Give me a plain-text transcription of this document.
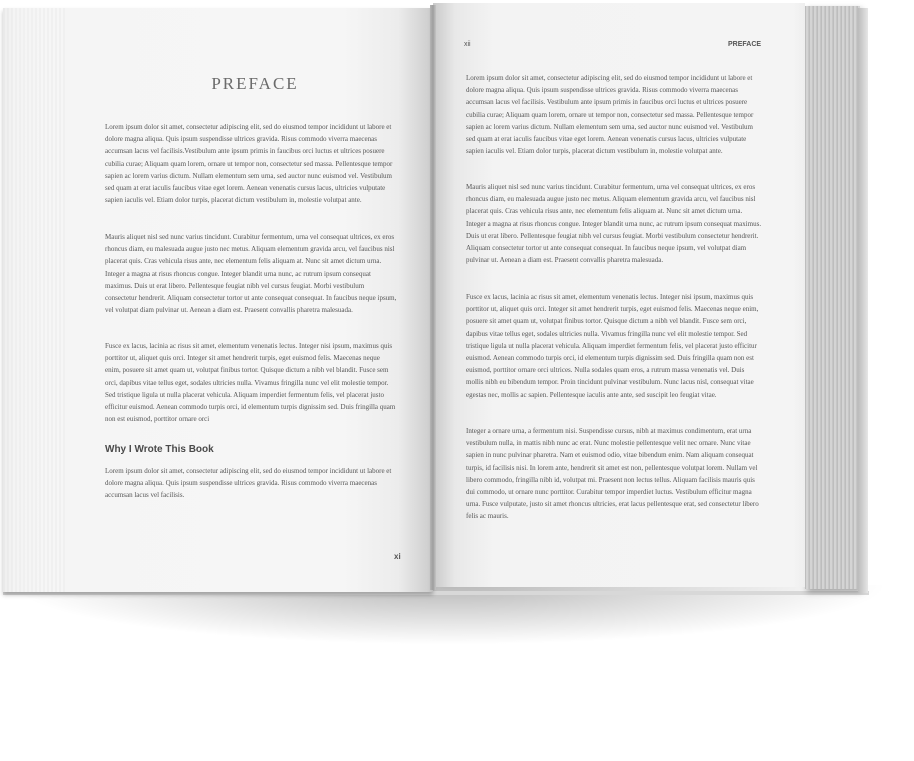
PREFACE

Lorem ipsum dolor sit amet, consectetur adipiscing elit, sed do eiusmod tempor incididunt ut labore et dolore magna aliqua. Quis ipsum suspendisse ultrices gravida. Risus commodo viverra maecenas accumsan lacus vel facilisis.Vestibulum ante ipsum primis in faucibus orci luctus et ultrices posuere cubilia curae; Aliquam quam lorem, ornare ut tempor non, consectetur sed massa. Pellentesque tempor sapien ac lorem varius dictum. Nullam elementum sem urna, sed auctor nunc euismod vel. Vestibulum sed quam at erat iaculis faucibus vitae eget lorem. Aenean venenatis cursus lacus, ultricies vulputate sapien iaculis vel. Etiam dolor turpis, placerat dictum vestibulum in, molestie volutpat ante.

Mauris aliquet nisl sed nunc varius tincidunt. Curabitur fermentum, urna vel consequat ultrices, ex eros rhoncus diam, eu malesuada augue justo nec metus. Aliquam elementum gravida arcu, vel faucibus nisl placerat quis. Cras vehicula risus ante, nec elementum felis aliquam at. Nunc sit amet dictum urna. Integer a magna at risus rhoncus congue. Integer blandit urna nunc, ac rutrum ipsum consequat maximus. Duis ut erat libero. Pellentesque feugiat nibh vel cursus feugiat. Morbi vestibulum consectetur hendrerit. Aliquam consectetur tortor ut ante consequat consequat. In faucibus neque ipsum, vel volutpat diam pulvinar ut. Aenean a diam est. Praesent convallis pharetra malesuada.

Fusce ex lacus, lacinia ac risus sit amet, elementum venenatis lectus. Integer nisi ipsum, maximus quis porttitor ut, aliquet quis orci. Integer sit amet hendrerit turpis, eget euismod felis. Maecenas neque enim, posuere sit amet quam ut, volutpat finibus tortor. Quisque dictum a nibh vel blandit. Fusce sem orci, dapibus vitae tellus eget, sodales ultricies nulla. Vivamus fringilla nunc vel elit molestie tempor. Sed tristique ligula ut nulla placerat vehicula. Aliquam imperdiet fermentum felis, vel placerat justo efficitur euismod. Aenean commodo turpis orci, id elementum turpis dignissim sed. Duis fringilla quam non est euismod, porttitor ornare orci

Why I Wrote This Book

Lorem ipsum dolor sit amet, consectetur adipiscing elit, sed do eiusmod tempor incididunt ut labore et dolore magna aliqua. Quis ipsum suspendisse ultrices gravida. Risus commodo viverra maecenas accumsan lacus vel facilisis.

xi
xii	PREFACE

Lorem ipsum dolor sit amet, consectetur adipiscing elit, sed do eiusmod tempor incididunt ut labore et dolore magna aliqua. Quis ipsum suspendisse ultrices gravida. Risus commodo viverra maecenas accumsan lacus vel facilisis. Vestibulum ante ipsum primis in faucibus orci luctus et ultrices posuere cubilia curae; Aliquam quam lorem, ornare ut tempor non, consectetur sed massa. Pellentesque tempor sapien ac lorem varius dictum. Nullam elementum sem urna, sed auctor nunc euismod vel. Vestibulum sed quam at erat iaculis faucibus vitae eget lorem. Aenean venenatis cursus lacus, ultricies vulputate sapien iaculis vel. Etiam dolor turpis, placerat dictum vestibulum in, molestie volutpat ante.

Mauris aliquet nisl sed nunc varius tincidunt. Curabitur fermentum, urna vel consequat ultrices, ex eros rhoncus diam, eu malesuada augue justo nec metus. Aliquam elementum gravida arcu, vel faucibus nisl placerat quis. Cras vehicula risus ante, nec elementum felis aliquam at. Nunc sit amet dictum urna. Integer a magna at risus rhoncus congue. Integer blandit urna nunc, ac rutrum ipsum consequat maximus. Duis ut erat libero. Pellentesque feugiat nibh vel cursus feugiat. Morbi vestibulum consectetur hendrerit. Aliquam consectetur tortor ut ante consequat consequat. In faucibus neque ipsum, vel volutpat diam pulvinar ut. Aenean a diam est. Praesent convallis pharetra malesuada.

Fusce ex lacus, lacinia ac risus sit amet, elementum venenatis lectus. Integer nisi ipsum, maximus quis porttitor ut, aliquet quis orci. Integer sit amet hendrerit turpis, eget euismod felis. Maecenas neque enim, posuere sit amet quam ut, volutpat finibus tortor. Quisque dictum a nibh vel blandit. Fusce sem orci, dapibus vitae tellus eget, sodales ultricies nulla. Vivamus fringilla nunc vel elit molestie tempor. Sed tristique ligula ut nulla placerat vehicula. Aliquam imperdiet fermentum felis, vel placerat justo efficitur euismod. Aenean commodo turpis orci, id elementum turpis dignissim sed. Duis fringilla quam non est euismod, porttitor ornare orci ultrices. Nulla sodales quam eros, a rutrum massa venenatis vel. Duis mollis nibh eu bibendum tempor. Proin tincidunt pulvinar vestibulum. Nunc lacus nisl, consequat vitae egestas nec, mollis ac sapien. Pellentesque iaculis ante ante, sed suscipit leo feugiat vitae.

Integer a ornare urna, a fermentum nisi. Suspendisse cursus, nibh at maximus condimentum, erat urna vestibulum nulla, in mattis nibh nunc ac erat. Nunc molestie pellentesque velit nec ornare. Nunc vitae sapien in nunc pulvinar pharetra. Nam et euismod odio, vitae bibendum enim. Nam aliquam consequat turpis, id facilisis nisi. In lorem ante, hendrerit sit amet est non, pellentesque volutpat lorem. Nullam vel libero commodo, fringilla nibh id, volutpat mi. Praesent non lectus tellus. Aliquam facilisis mauris quis dui commodo, ut ornare nunc porttitor. Curabitur tempor imperdiet luctus. Vestibulum efficitur magna urna. Fusce vulputate, justo sit amet rhoncus ultricies, erat lacus pellentesque erat, sed consectetur libero felis ac mauris.
